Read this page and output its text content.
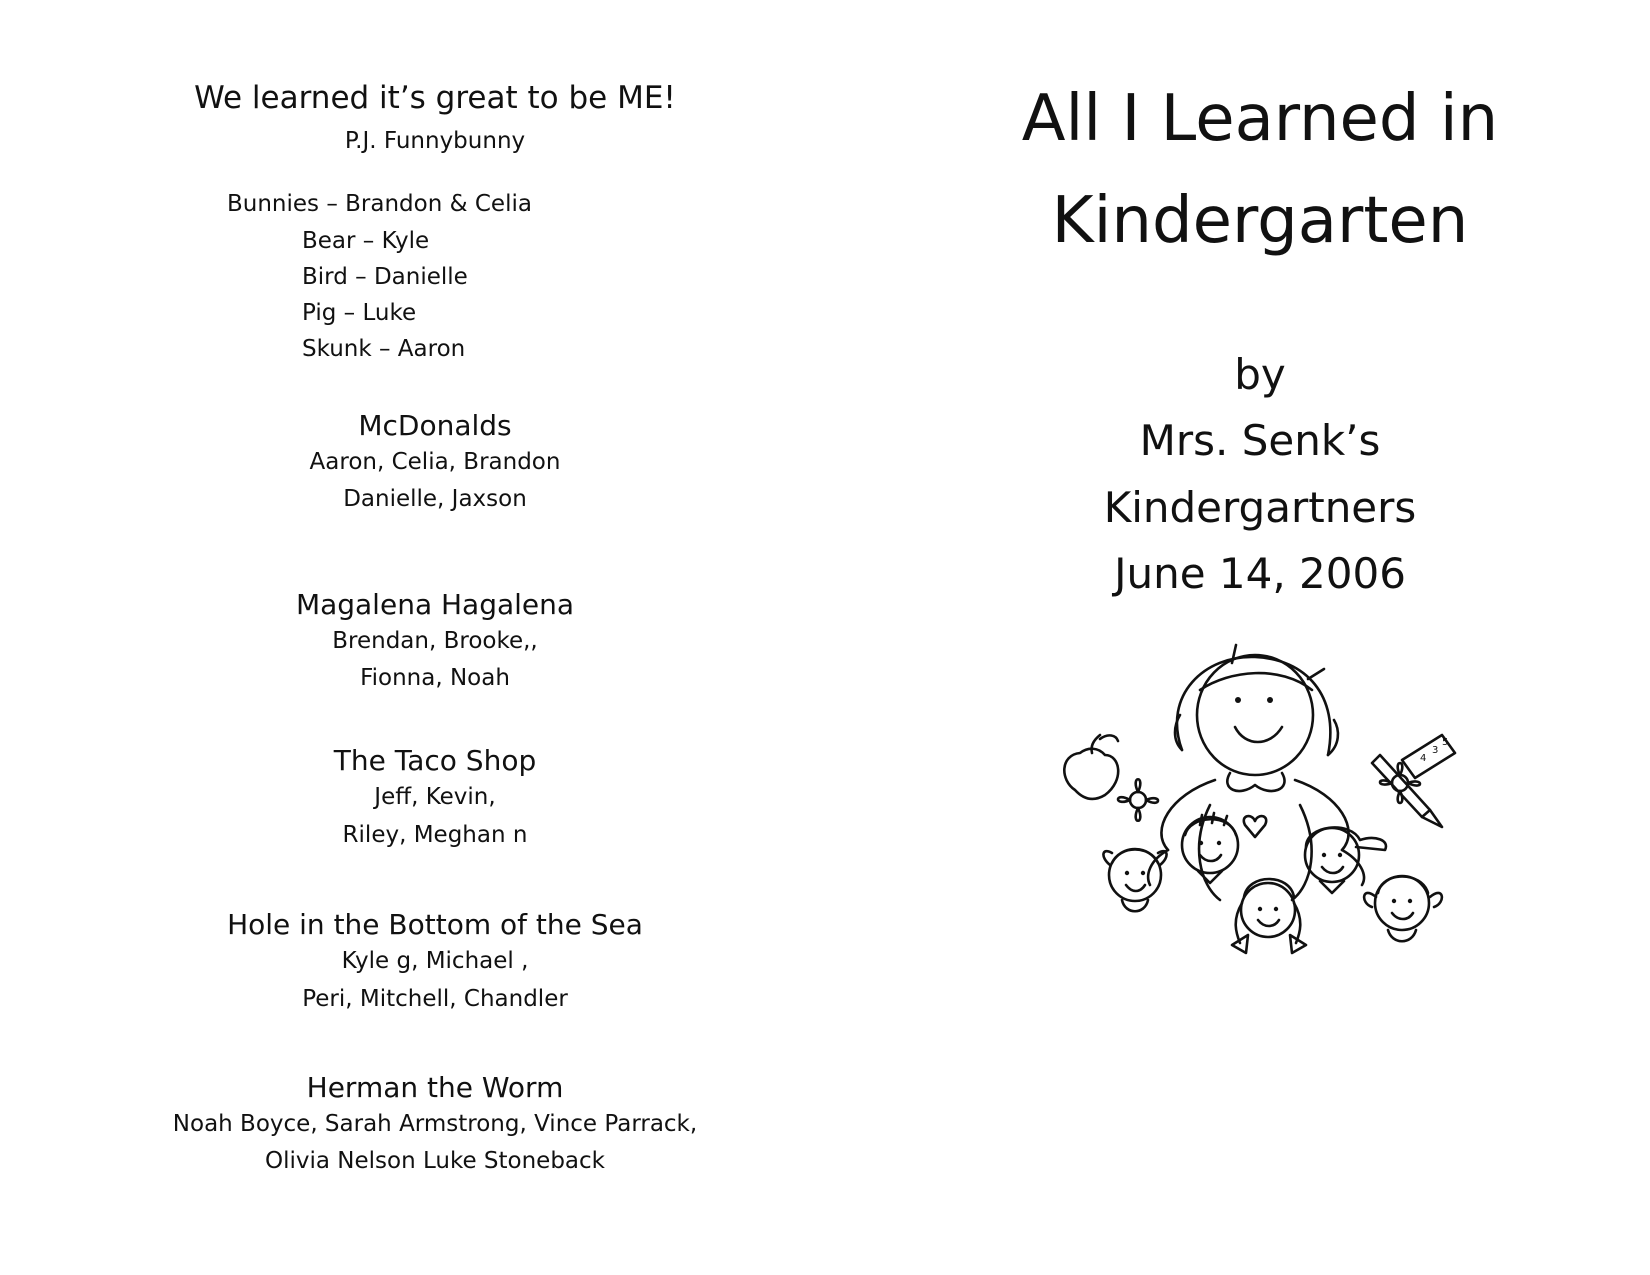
We learned it’s great to be ME!
P.J. Funnybunny
Bunnies – Brandon & Celia
Bear – Kyle
Bird – Danielle
Pig – Luke
Skunk – Aaron
McDonalds
Aaron, Celia, Brandon
Danielle, Jaxson
Magalena Hagalena
Brendan, Brooke,,
Fionna, Noah
The Taco Shop
Jeff, Kevin,
Riley, Meghan n
Hole in the Bottom of the Sea
Kyle g, Michael ,
Peri, Mitchell, Chandler
Herman the Worm
Noah Boyce, Sarah Armstrong, Vince Parrack,
Olivia Nelson Luke Stoneback
All I Learned in
Kindergarten
by
Mrs. Senk’s
Kindergartners
June 14, 2006
3
4
5
